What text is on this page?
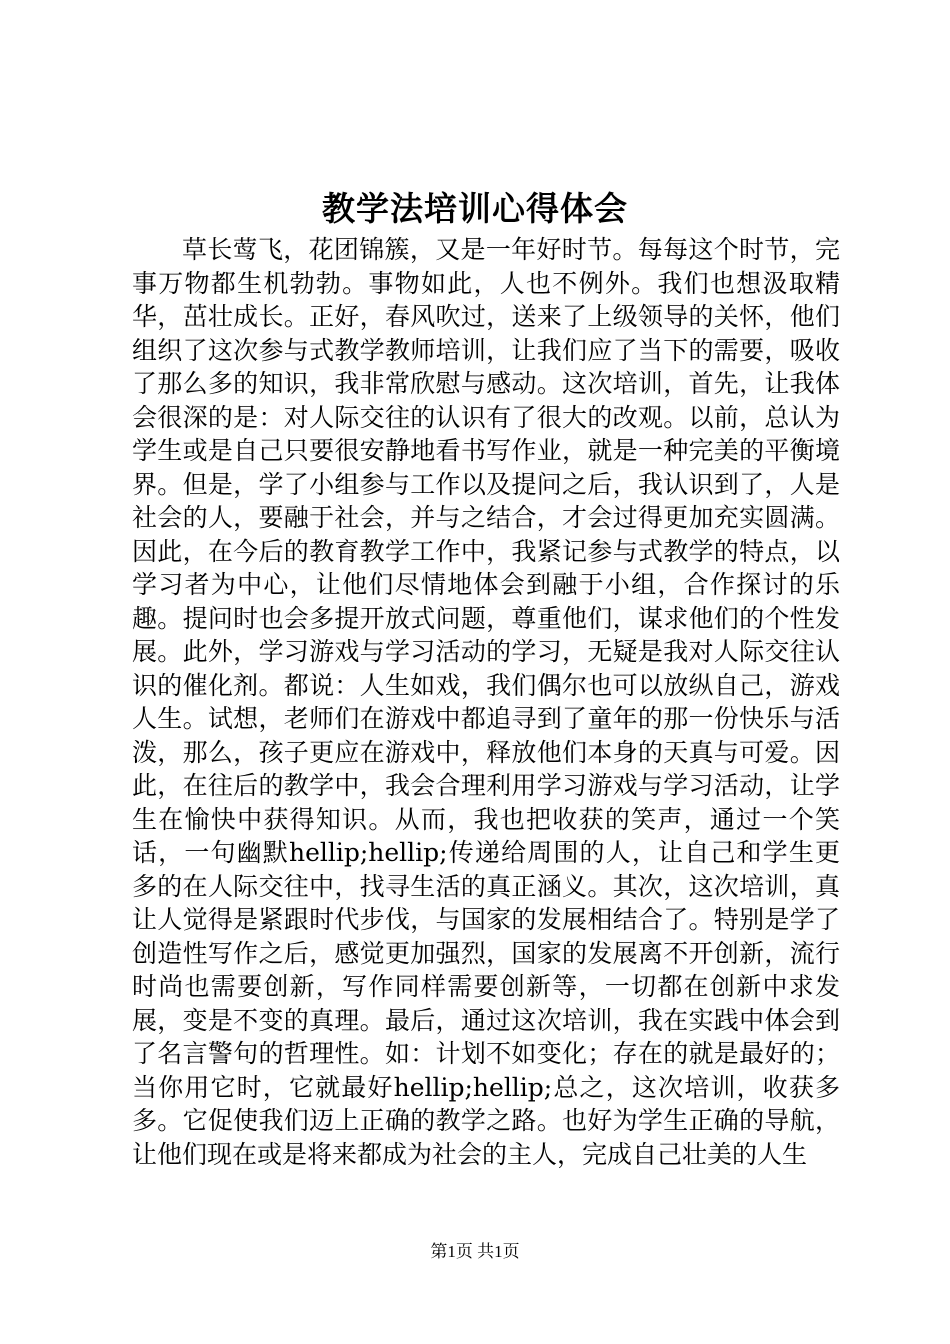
教学法培训心得体会

草长莺飞，花团锦簇，又是一年好时节。每每这个时节，完事万物都生机勃勃。事物如此，人也不例外。我们也想汲取精华，茁壮成长。正好，春风吹过，送来了上级领导的关怀，他们组织了这次参与式教学教师培训，让我们应了当下的需要，吸收了那么多的知识，我非常欣慰与感动。这次培训，首先，让我体会很深的是：对人际交往的认识有了很大的改观。以前，总认为学生或是自己只要很安静地看书写作业，就是一种完美的平衡境界。但是，学了小组参与工作以及提问之后，我认识到了，人是社会的人，要融于社会，并与之结合，才会过得更加充实圆满。因此，在今后的教育教学工作中，我紧记参与式教学的特点，以学习者为中心，让他们尽情地体会到融于小组，合作探讨的乐趣。提问时也会多提开放式问题，尊重他们，谋求他们的个性发展。此外，学习游戏与学习活动的学习，无疑是我对人际交往认识的催化剂。都说：人生如戏，我们偶尔也可以放纵自己，游戏人生。试想，老师们在游戏中都追寻到了童年的那一份快乐与活泼，那么，孩子更应在游戏中，释放他们本身的天真与可爱。因此，在往后的教学中，我会合理利用学习游戏与学习活动，让学生在愉快中获得知识。从而，我也把收获的笑声，通过一个笑话，一句幽默hellip;hellip;传递给周围的人，让自己和学生更多的在人际交往中，找寻生活的真正涵义。其次，这次培训，真让人觉得是紧跟时代步伐，与国家的发展相结合了。特别是学了创造性写作之后，感觉更加强烈，国家的发展离不开创新，流行时尚也需要创新，写作同样需要创新等，一切都在创新中求发展，变是不变的真理。最后，通过这次培训，我在实践中体会到了名言警句的哲理性。如：计划不如变化；存在的就是最好的；当你用它时，它就最好hellip;hellip;总之，这次培训，收获多多。它促使我们迈上正确的教学之路。也好为学生正确的导航，让他们现在或是将来都成为社会的主人，完成自己壮美的人生

第1页 共1页
